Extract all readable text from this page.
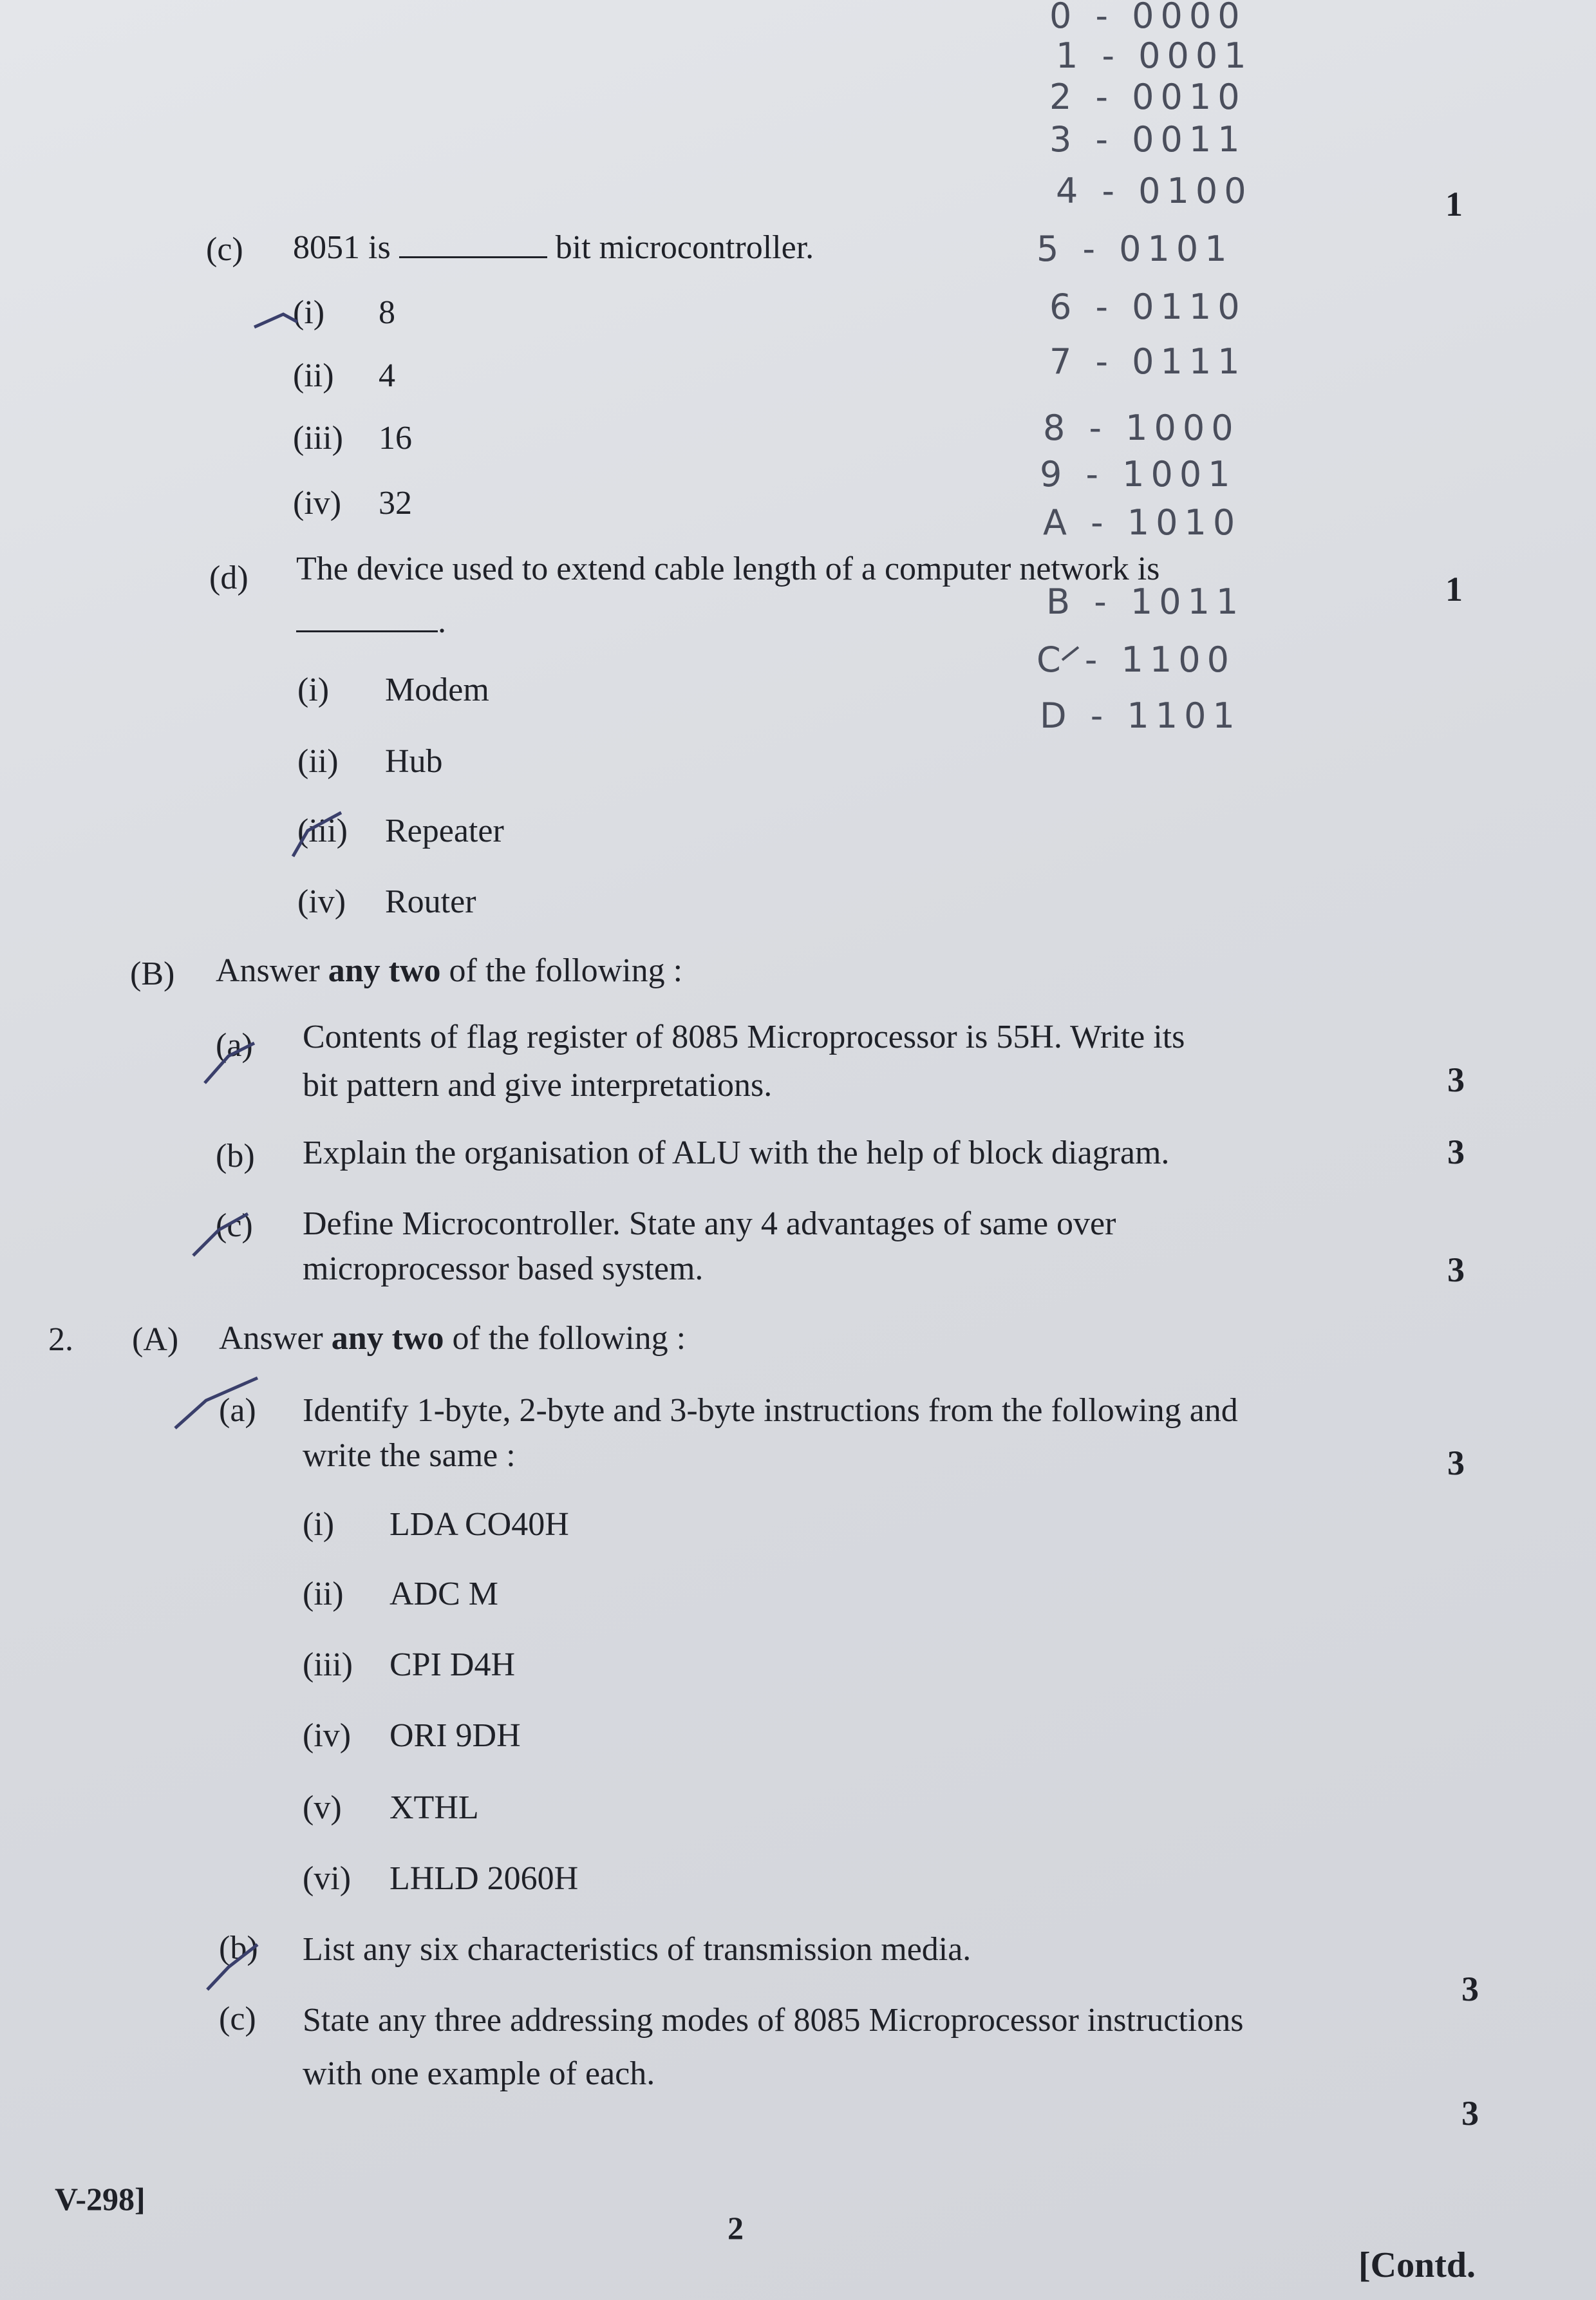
0 - 0000
1 - 0001
2 - 0010
3 - 0011
4 - 0100
5 - 0101
6 - 0110
7 - 0111
8 - 1000
9 - 1001
A - 1010
B - 1011
C - 1100
D - 1101
1
(c) 8051 is	bit microcontroller.
(i) 8
(ii) 4
(iii) 16
(iv) 32
(d) The device used to extend cable length of a computer network is
.
1
(i) Modem
(ii) Hub
(iii) Repeater
(iv) Router
(B) Answer any two of the following :
(a) Contents of flag register of 8085 Microprocessor is 55H. Write its
bit pattern and give interpretations.	3
(b) Explain the organisation of ALU with the help of block diagram.	3
(c) Define Microcontroller. State any 4 advantages of same over
microprocessor based system.	3
2. (A) Answer any two of the following :
(a) Identify 1-byte, 2-byte and 3-byte instructions from the following and
write the same :	3
(i) LDA CO40H
(ii) ADC M
(iii) CPI D4H
(iv) ORI 9DH
(v) XTHL
(vi) LHLD 2060H
(b) List any six characteristics of transmission media.
3
(c) State any three addressing modes of 8085 Microprocessor instructions
with one example of each.
3
V-298]
2
[Contd.
